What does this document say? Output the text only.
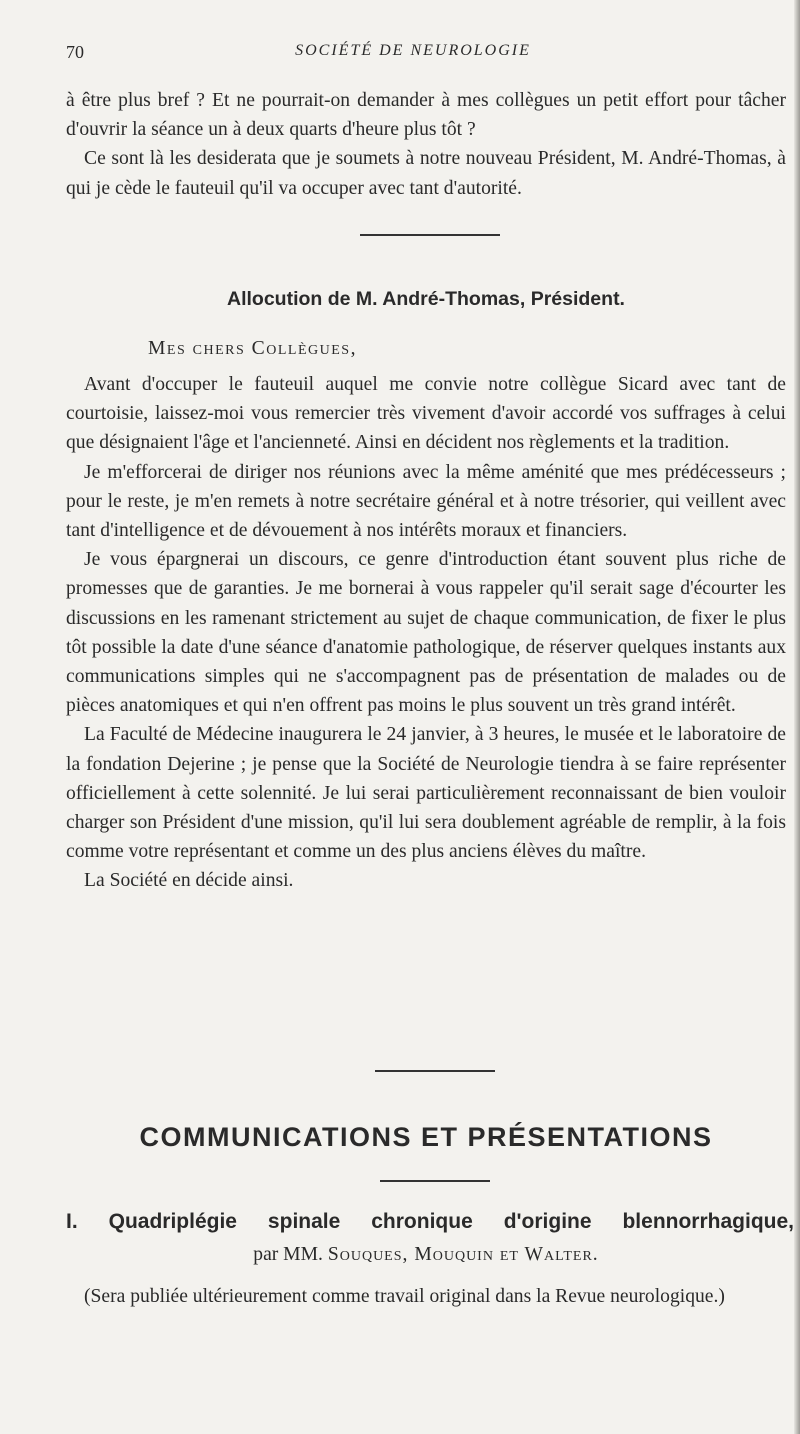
70	SOCIÉTÉ DE NEUROLOGIE

à être plus bref ? Et ne pourrait-on demander à mes collègues un petit effort pour tâcher d'ouvrir la séance un à deux quarts d'heure plus tôt ?

Ce sont là les desiderata que je soumets à notre nouveau Président, M. André-Thomas, à qui je cède le fauteuil qu'il va occuper avec tant d'autorité.

Allocution de M. André-Thomas, Président.
Mes chers Collègues,

Avant d'occuper le fauteuil auquel me convie notre collègue Sicard avec tant de courtoisie, laissez-moi vous remercier très vivement d'avoir accordé vos suffrages à celui que désignaient l'âge et l'ancienneté. Ainsi en décident nos règlements et la tradition.

Je m'efforcerai de diriger nos réunions avec la même aménité que mes prédécesseurs ; pour le reste, je m'en remets à notre secrétaire général et à notre trésorier, qui veillent avec tant d'intelligence et de dévouement à nos intérêts moraux et financiers.

Je vous épargnerai un discours, ce genre d'introduction étant souvent plus riche de promesses que de garanties. Je me bornerai à vous rappeler qu'il serait sage d'écourter les discussions en les ramenant strictement au sujet de chaque communication, de fixer le plus tôt possible la date d'une séance d'anatomie pathologique, de réserver quelques instants aux communications simples qui ne s'accompagnent pas de présentation de malades ou de pièces anatomiques et qui n'en offrent pas moins le plus souvent un très grand intérêt.

La Faculté de Médecine inaugurera le 24 janvier, à 3 heures, le musée et le laboratoire de la fondation Dejerine ; je pense que la Société de Neurologie tiendra à se faire représenter officiellement à cette solennité. Je lui serai particulièrement reconnaissant de bien vouloir charger son Président d'une mission, qu'il lui sera doublement agréable de remplir, à la fois comme votre représentant et comme un des plus anciens élèves du maître.

La Société en décide ainsi.

COMMUNICATIONS ET PRÉSENTATIONS
I. Quadriplégie spinale chronique d'origine blennorrhagique,
par MM. Souques, Mouquin et Walter.
(Sera publiée ultérieurement comme travail original dans la Revue neurologique.)
